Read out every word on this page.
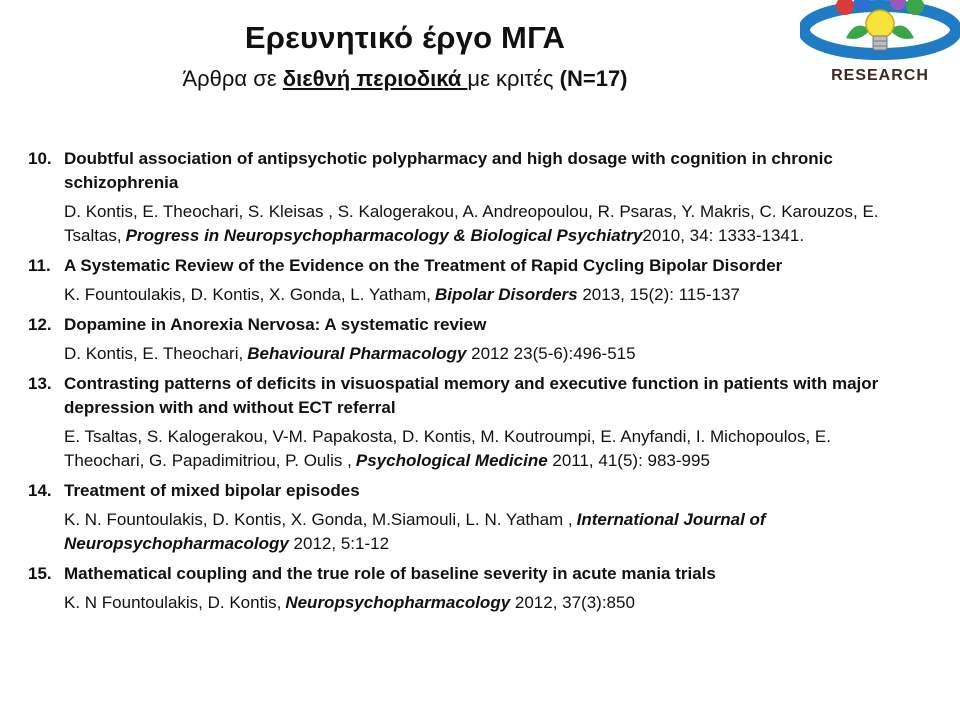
Ερευνητικό έργο ΜΓΑ
Άρθρα σε διεθνή περιοδικά με κριτές (N=17)	RESEARCH
10. Doubtful association of antipsychotic polypharmacy and high dosage with cognition in chronic schizophrenia
D. Kontis, E. Theochari, S. Kleisas , S. Kalogerakou, A. Andreopoulou, R. Psaras, Y. Makris, C. Karouzos, E. Tsaltas, Progress in Neuropsychopharmacology & Biological Psychiatry2010, 34: 1333-1341.
11. A Systematic Review of the Evidence on the Treatment of Rapid Cycling Bipolar Disorder
K. Fountoulakis, D. Kontis, X. Gonda, L. Yatham, Bipolar Disorders 2013, 15(2): 115-137
12. Dopamine in Anorexia Nervosa: A systematic review
D. Kontis, E. Theochari, Behavioural Pharmacology 2012 23(5-6):496-515
13. Contrasting patterns of deficits in visuospatial memory and executive function in patients with major depression with and without ECT referral
E. Tsaltas, S. Kalogerakou, V-M. Papakosta, D. Kontis, M. Koutroumpi, E. Anyfandi, I. Michopoulos, E. Theochari, G. Papadimitriou, P. Oulis , Psychological Medicine 2011, 41(5): 983-995
14. Treatment of mixed bipolar episodes
K. N. Fountoulakis, D. Kontis, X. Gonda, M.Siamouli, L. N. Yatham , International Journal of Neuropsychopharmacology 2012, 5:1-12
15. Mathematical coupling and the true role of baseline severity in acute mania trials
K. N Fountoulakis, D. Kontis, Neuropsychopharmacology 2012, 37(3):850
